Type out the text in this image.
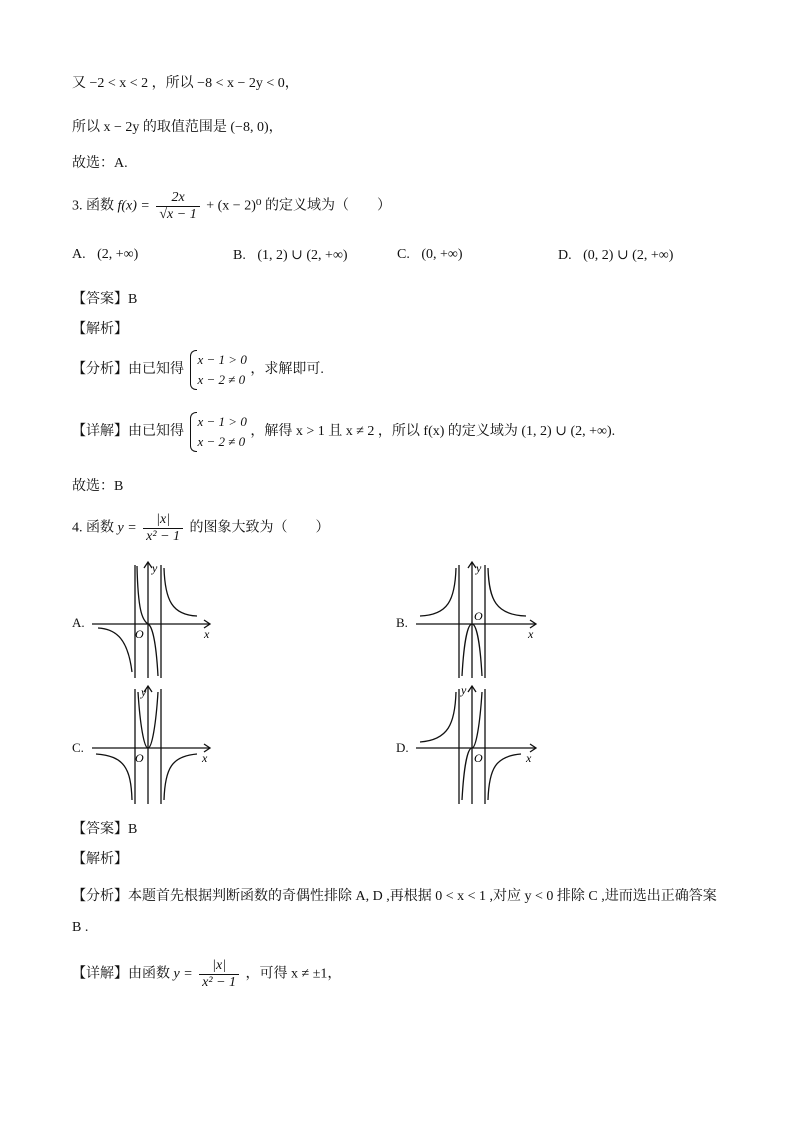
又 −2 < x < 2 ，所以 −8 < x − 2y < 0，
所以 x − 2y 的取值范围是 (−8, 0)，
故选：A.
3. 函数 $f(x) = \frac{2x}{√x - 1} + (x - 2)^0$ 的定义域为（　　）
A. (2, +∞)	B. (1, 2) ∪ (2, +∞)	C. (0, +∞)	D. (0, 2) ∪ (2, +∞)
【答案】B
【解析】
【分析】由已知得
x − 1 > 0
x − 2 ≠ 0
，求解即可.
【详解】由已知得
x − 1 > 0
x − 2 ≠ 0
，解得 x > 1 且 x ≠ 2 ，所以 f(x) 的定义域为 (1, 2) ∪ (2, +∞).
故选：B
4. 函数 $y = \frac{|x|}{\text{x² − 1}}$ 的图象大致为（　　）
A.
x
y
O
B.
x
y
O
C.
x
y
O
D.
x
y
O
【答案】B
【解析】
【分析】本题首先根据判断函数的奇偶性排除 A, D ,再根据 0 < x < 1 ,对应 y < 0 排除 C ,进而选出正确答案
B .
【详解】由函数 $y = \frac{|x|}{\text{x² − 1}}$ ，可得 x ≠ ±1，
